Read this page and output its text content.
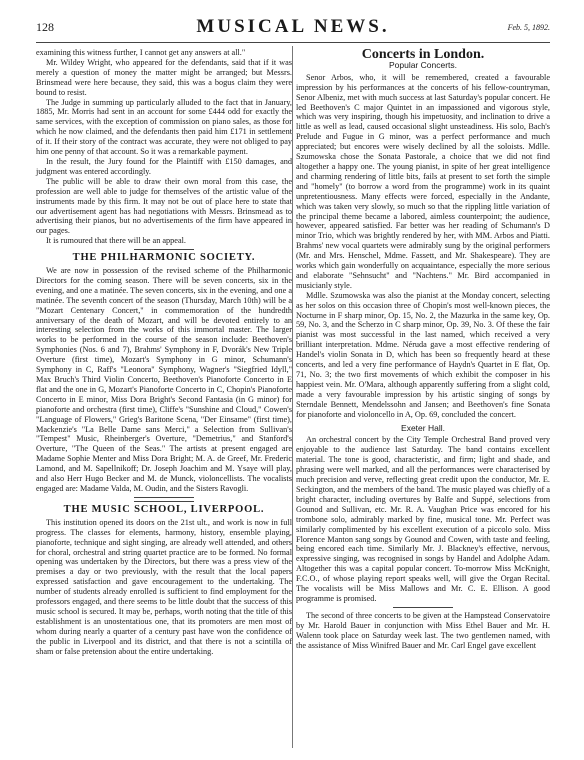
128	MUSICAL NEWS.	Feb. 5, 1892.

examining this witness further, I cannot get any answers at all."

Mr. Wildey Wright, who appeared for the defendants, said that if it was merely a question of money the matter might be arranged; but Messrs. Brinsmead were here because, they said, this was a bogus claim they were bound to resist.

The Judge in summing up particularly alluded to the fact that in January, 1885, Mr. Morris had sent in an account for some £444 odd for exactly the same services, with the exception of commission on piano sales, as those for which he now claimed, and the defendants then paid him £171 in settlement of it. If their story of the contract was accurate, they were not obliged to pay him one penny of that account. So it was a remarkable payment.

In the result, the Jury found for the Plaintiff with £150 damages, and judgment was entered accordingly.

The public will be able to draw their own moral from this case, the profession are well able to judge for themselves of the artistic value of the instruments made by this firm. It may not be out of place here to state that our advertisement agent has had negotiations with Messrs. Brinsmead as to advertising their pianos, but no advertisements of the firm have appeared in our pages.

It is rumoured that there will be an appeal.

THE PHILHARMONIC SOCIETY.

We are now in possession of the revised scheme of the Philharmonic Directors for the coming season. There will be seven concerts, six in the evening, and one a matinée. The seven concerts, six in the evening, and one a matinée. The seventh concert of the season (Thursday, March 10th) will be a "Mozart Centenary Concert," in commemoration of the hundredth anniversary of the death of Mozart, and will be devoted entirely to an interesting selection from the works of this immortal master. The larger works to be performed in the course of the season include: Beethoven's Symphonies (Nos. 6 and 7), Brahms' Symphony in F, Dvorák's New Triple Overture (first time), Mozart's Symphony in G minor, Schumann's Symphony in C, Raff's "Leonora" Symphony, Wagner's "Siegfried Idyll," Max Bruch's Third Violin Concerto, Beethoven's Pianoforte Concerto in E flat and the one in G, Mozart's Pianoforte Concerto in C, Chopin's Pianoforte Concerto in E minor, Miss Dora Bright's Second Fantasia (in G minor) for pianoforte and orchestra (first time), Cliffe's "Sunshine and Cloud," Cowen's "Language of Flowers," Grieg's Baritone Scena, "Der Einsame" (first time), Mackenzie's "La Belle Dame sans Merci," a Selection from Sullivan's "Tempest" Music, Rheinberger's Overture, "Demetrius," and Stanford's Overture, "The Queen of the Seas." The artists at present engaged are Madame Sophie Menter and Miss Dora Bright; M. A. de Greef, Mr. Frederic Lamond, and M. Sapellnikoff; Dr. Joseph Joachim and M. Ysaye will play, and also Herr Hugo Becker and M. de Munck, violoncellists. The vocalists engaged are: Madame Valda, M. Oudin, and the Sisters Ravogli.

THE MUSIC SCHOOL, LIVERPOOL.

This institution opened its doors on the 21st ult., and work is now in full progress. The classes for elements, harmony, history, ensemble playing, pianoforte, technique and sight singing, are already well attended, and others for choral, orchestral and string quartet practice are to be formed. No formal opening was undertaken by the Directors, but there was a press view of the premises a day or two previously, with the result that the local papers expressed satisfaction and gave encouragement to the undertaking. The number of students already enrolled is sufficient to find employment for the professors engaged, and there seems to be little doubt that the success of this music school is secured. It may be, perhaps, worth noting that the title of this establishment is an unostentatious one, that its promoters are men most of whom during nearly a quarter of a century past have won the confidence of the public in Liverpool and its district, and that there is not a scintilla of sham or false pretension about the entire undertaking.

Concerts in London.
Popular Concerts.

Senor Arbos, who, it will be remembered, created a favourable impression by his performances at the concerts of his fellow-countryman, Senor Albeniz, met with much success at last Saturday's popular concert. He led Beethoven's C major Quintet in an impassioned and vigorous style, which was very inspiring, though his impetuosity, and inclination to drive a little as well as lead, caused occasional slight unsteadiness. His solo, Bach's Prelude and Fugue in G minor, was a perfect performance and much appreciated; but encores were wisely declined by all the soloists. Mdlle. Szumowska chose the Sonata Pastorale, a choice that we did not find altogether a happy one. The young pianist, in spite of her great intelligence and charming rendering of little bits, fails at present to set forth the simple and "homely" (to borrow a word from the programme) work in its quaint unpretentiousness. Many effects were forced, especially in the Andante, which was taken very slowly, so much so that the rippling little variation of the principal theme became a labored, aimless counterpoint; the audience, however, appeared satisfied. Far better was her reading of Schumann's D minor Trio, which was brightly rendered by her, with MM. Arbos and Piatti. Brahms' new vocal quartets were admirably sung by the original performers (Mr. and Mrs. Henschel, Mdme. Fassett, and Mr. Shakespeare). They are works which gain wonderfully on acquaintance, especially the more serious and elaborate "Sehnsucht" and "Nachtens." Mr. Bird accompanied in musicianly style.

Mdlle. Szumowska was also the pianist at the Monday concert, selecting as her solos on this occasion three of Chopin's most well-known pieces, the Nocturne in F sharp minor, Op. 15, No. 2, the Mazurka in the same key, Op. 59, No. 3, and the Scherzo in C sharp minor, Op. 39, No. 3. Of these the fair pianist was most successful in the last named, which received a very brilliant interpretation. Mdme. Néruda gave a most effective rendering of Handel's violin Sonata in D, which has been so frequently heard at these concerts, and led a very fine performance of Haydn's Quartet in E flat, Op. 71, No. 3; the two first movements of which exhibit the composer in his happiest vein. Mr. O'Mara, although apparently suffering from a slight cold, made a very favourable impression by his artistic singing of songs by Sterndale Bennett, Mendelssohn and Jansen; and Beethoven's fine Sonata for pianoforte and violoncello in A, Op. 69, concluded the concert.

Exeter Hall.

An orchestral concert by the City Temple Orchestral Band proved very enjoyable to the audience last Saturday. The band contains excellent material. The tone is good, characteristic, and firm; light and shade, and phrasing were well marked, and all the performances were characterised by much precision and verve, reflecting great credit upon the conductor, Mr. E. Seckington, and the members of the band. The music played was chiefly of a bright character, including overtures by Balfe and Suppé, selections from Gounod and Sullivan, etc. Mr. R. A. Vaughan Price was encored for his trombone solo, admirably marked by fine, musical tone. Mr. Perfect was similarly complimented by his excellent execution of a piccolo solo. Miss Florence Manton sang songs by Gounod and Cowen, with taste and feeling, being encored each time. Similarly Mr. J. Blackney's effective, nervous, expressive singing, was recognised in songs by Handel and Adolphe Adam. Altogether this was a capital popular concert. To-morrow Miss McKnight, F.C.O., of whose playing report speaks well, will give the Organ Recital. The vocalists will be Miss Mallows and Mr. C. E. Ellison. A good programme is promised.

The second of three concerts to be given at the Hampstead Conservatoire by Mr. Harold Bauer in conjunction with Miss Ethel Bauer and Mr. H. Walenn took place on Saturday week last. The two gentlemen named, with the assistance of Miss Winifred Bauer and Mr. Carl Engel gave excellent
